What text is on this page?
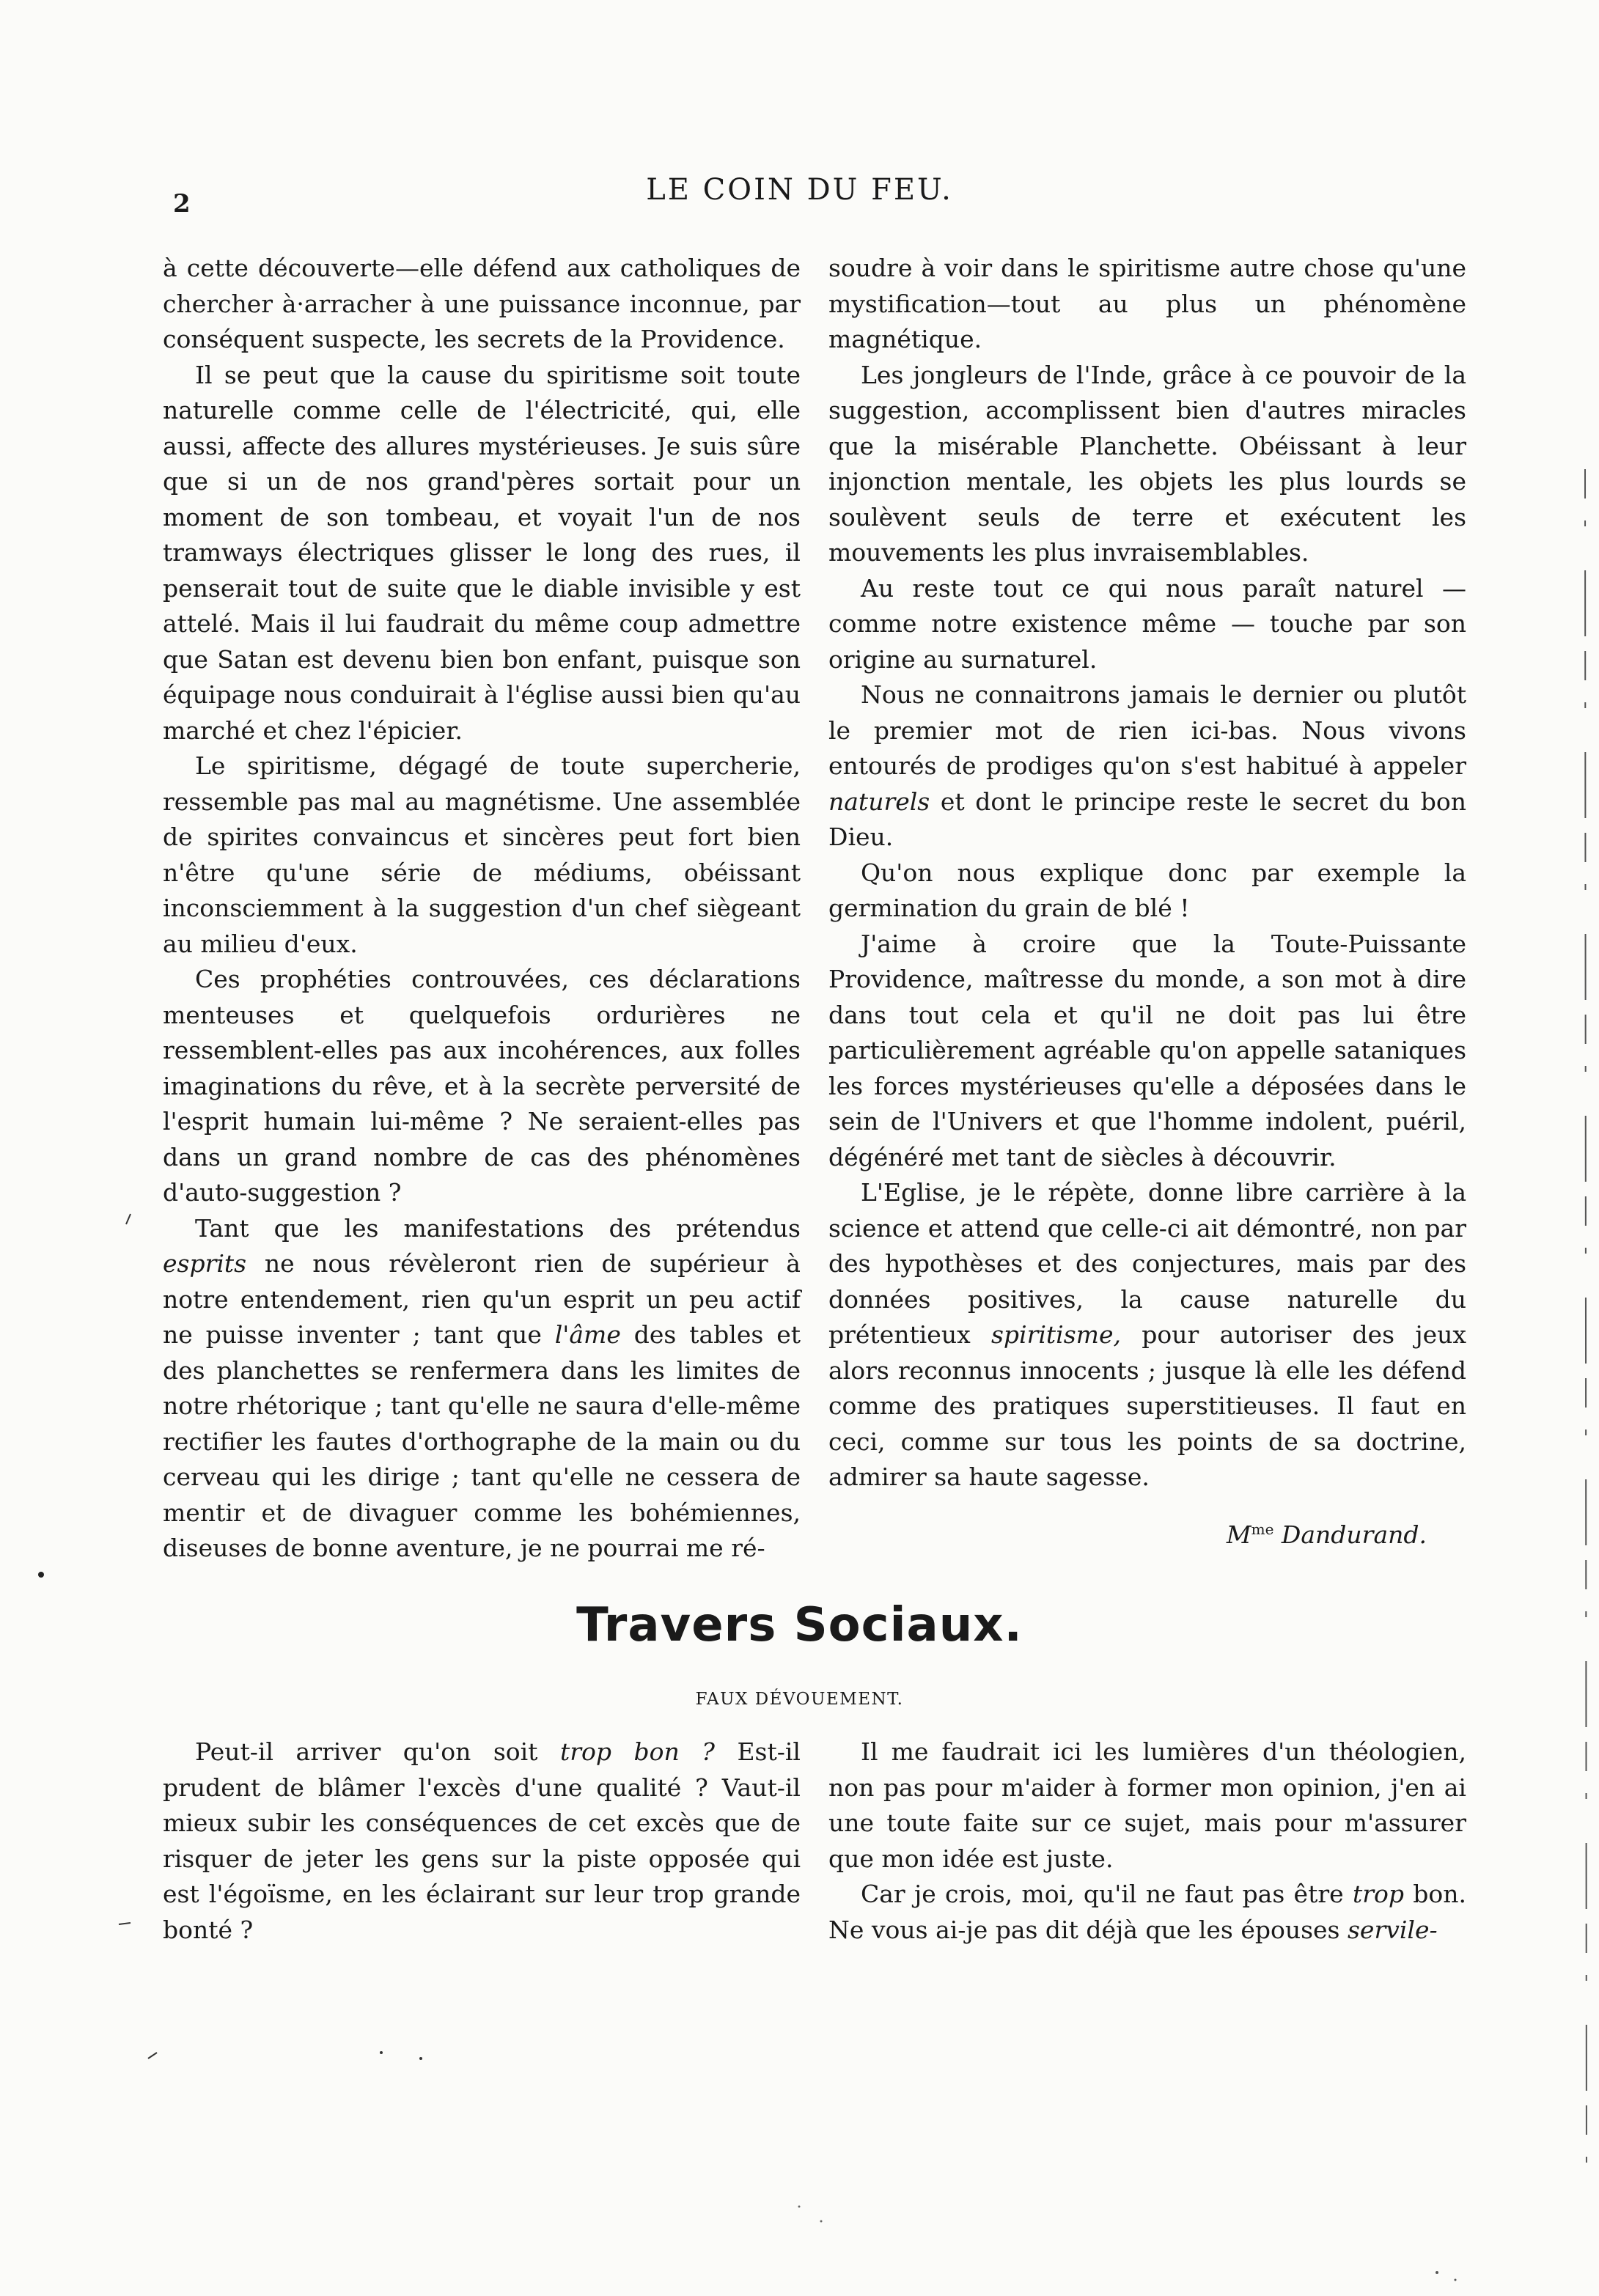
2	LE COIN DU FEU.

à cette découverte—elle défend aux catholiques de chercher à·arracher à une puissance inconnue, par conséquent suspecte, les secrets de la Providence.

Il se peut que la cause du spiritisme soit toute naturelle comme celle de l'électricité, qui, elle aussi, affecte des allures mystérieuses. Je suis sûre que si un de nos grand'pères sortait pour un moment de son tombeau, et voyait l'un de nos tramways électriques glisser le long des rues, il penserait tout de suite que le diable invisible y est attelé. Mais il lui faudrait du même coup admettre que Satan est devenu bien bon enfant, puisque son équipage nous conduirait à l'église aussi bien qu'au marché et chez l'épicier.

Le spiritisme, dégagé de toute supercherie, ressemble pas mal au magnétisme. Une assemblée de spirites convaincus et sincères peut fort bien n'être qu'une série de médiums, obéissant inconsciemment à la suggestion d'un chef siègeant au milieu d'eux.

Ces prophéties controuvées, ces déclarations menteuses et quelquefois ordurières ne ressemblent-elles pas aux incohérences, aux folles imaginations du rêve, et à la secrète perversité de l'esprit humain lui-même ? Ne seraient-elles pas dans un grand nombre de cas des phénomènes d'auto-suggestion ?

Tant que les manifestations des prétendus esprits ne nous révèleront rien de supérieur à notre entendement, rien qu'un esprit un peu actif ne puisse inventer ; tant que l'âme des tables et des planchettes se renfermera dans les limites de notre rhétorique ; tant qu'elle ne saura d'elle-même rectifier les fautes d'orthographe de la main ou du cerveau qui les dirige ; tant qu'elle ne cessera de mentir et de divaguer comme les bohémiennes, diseuses de bonne aventure, je ne pourrai me ré-

soudre à voir dans le spiritisme autre chose qu'une mystification—tout au plus un phénomène magnétique.

Les jongleurs de l'Inde, grâce à ce pouvoir de la suggestion, accomplissent bien d'autres miracles que la misérable Planchette. Obéissant à leur injonction mentale, les objets les plus lourds se soulèvent seuls de terre et exécutent les mouvements les plus invraisemblables.

Au reste tout ce qui nous paraît naturel — comme notre existence même — touche par son origine au surnaturel.

Nous ne connaitrons jamais le dernier ou plutôt le premier mot de rien ici-bas. Nous vivons entourés de prodiges qu'on s'est habitué à appeler naturels et dont le principe reste le secret du bon Dieu.

Qu'on nous explique donc par exemple la germination du grain de blé !

J'aime à croire que la Toute-Puissante Providence, maîtresse du monde, a son mot à dire dans tout cela et qu'il ne doit pas lui être particulièrement agréable qu'on appelle sataniques les forces mystérieuses qu'elle a déposées dans le sein de l'Univers et que l'homme indolent, puéril, dégénéré met tant de siècles à découvrir.

L'Eglise, je le répète, donne libre carrière à la science et attend que celle-ci ait démontré, non par des hypothèses et des conjectures, mais par des données positives, la cause naturelle du prétentieux spiritisme, pour autoriser des jeux alors reconnus innocents ; jusque là elle les défend comme des pratiques superstitieuses. Il faut en ceci, comme sur tous les points de sa doctrine, admirer sa haute sagesse.

$M^{me}$ Dandurand.

Travers Sociaux.
FAUX DÉVOUEMENT.

Peut-il arriver qu'on soit trop bon ? Est-il prudent de blâmer l'excès d'une qualité ? Vaut-il mieux subir les conséquences de cet excès que de risquer de jeter les gens sur la piste opposée qui est l'égoïsme, en les éclairant sur leur trop grande bonté ?

Il me faudrait ici les lumières d'un théologien, non pas pour m'aider à former mon opinion, j'en ai une toute faite sur ce sujet, mais pour m'assurer que mon idée est juste.

Car je crois, moi, qu'il ne faut pas être trop bon. Ne vous ai-je pas dit déjà que les épouses servile-
